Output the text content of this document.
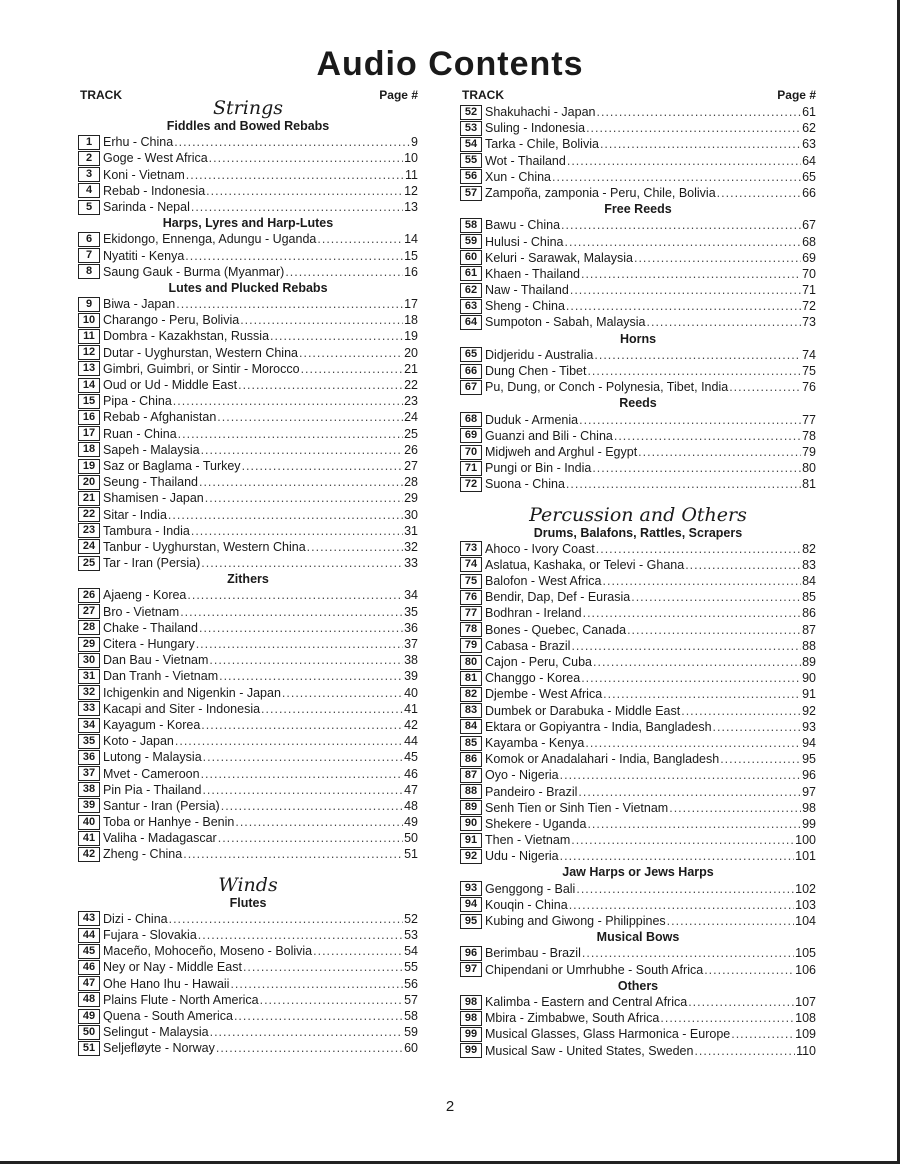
Audio Contents
TRACK	Page #
Strings
Fiddles and Bowed Rebabs
1 Erhu - China .....	9
2 Goge - West Africa .....	10
3 Koni - Vietnam .....	11
4 Rebab - Indonesia .....	12
5 Sarinda - Nepal .....	13
Harps, Lyres and Harp-Lutes
6 Ekidongo, Ennenga, Adungu - Uganda .....	14
7 Nyatiti - Kenya .....	15
8 Saung Gauk - Burma (Myanmar) .....	16
Lutes and Plucked Rebabs
9 Biwa - Japan .....	17
10 Charango - Peru, Bolivia .....	18
11 Dombra - Kazakhstan, Russia .....	19
12 Dutar - Uyghurstan, Western China .....	20
13 Gimbri, Guimbri, or Sintir - Morocco .....	21
14 Oud or Ud - Middle East .....	22
15 Pipa - China .....	23
16 Rebab - Afghanistan .....	24
17 Ruan - China .....	25
18 Sapeh - Malaysia .....	26
19 Saz or Baglama - Turkey .....	27
20 Seung - Thailand .....	28
21 Shamisen - Japan .....	29
22 Sitar - India .....	30
23 Tambura - India .....	31
24 Tanbur - Uyghurstan, Western China .....	32
25 Tar - Iran (Persia) .....	33
Zithers
26 Ajaeng - Korea .....	34
27 Bro - Vietnam .....	35
28 Chake - Thailand .....	36
29 Citera - Hungary .....	37
30 Dan Bau - Vietnam .....	38
31 Dan Tranh - Vietnam .....	39
32 Ichigenkin and Nigenkin - Japan .....	40
33 Kacapi and Siter - Indonesia .....	41
34 Kayagum - Korea .....	42
35 Koto - Japan .....	44
36 Lutong - Malaysia .....	45
37 Mvet - Cameroon .....	46
38 Pin Pia - Thailand .....	47
39 Santur - Iran (Persia) .....	48
40 Toba or Hanhye - Benin .....	49
41 Valiha - Madagascar .....	50
42 Zheng - China .....	51
Winds
Flutes
43 Dizi - China .....	52
44 Fujara - Slovakia .....	53
45 Maceño, Mohoceño, Moseno - Bolivia .....	54
46 Ney or Nay - Middle East .....	55
47 Ohe Hano Ihu - Hawaii .....	56
48 Plains Flute - North America .....	57
49 Quena - South America .....	58
50 Selingut - Malaysia .....	59
51 Seljefløyte - Norway .....	60
TRACK	Page #
52 Shakuhachi - Japan .....	61
53 Suling - Indonesia .....	62
54 Tarka - Chile, Bolivia .....	63
55 Wot - Thailand .....	64
56 Xun - China .....	65
57 Zampoña, zamponia - Peru, Chile, Bolivia .....	66
Free Reeds
58 Bawu - China .....	67
59 Hulusi - China .....	68
60 Keluri - Sarawak, Malaysia .....	69
61 Khaen - Thailand .....	70
62 Naw - Thailand .....	71
63 Sheng - China .....	72
64 Sumpoton - Sabah, Malaysia .....	73
Horns
65 Didjeridu - Australia .....	74
66 Dung Chen - Tibet .....	75
67 Pu, Dung, or Conch - Polynesia, Tibet, India .....	76
Reeds
68 Duduk - Armenia .....	77
69 Guanzi and Bili - China .....	78
70 Midjweh and Arghul - Egypt .....	79
71 Pungi or Bin - India .....	80
72 Suona - China .....	81
Percussion and Others
Drums, Balafons, Rattles, Scrapers
73 Ahoco - Ivory Coast .....	82
74 Aslatua, Kashaka, or Televi - Ghana .....	83
75 Balofon - West Africa .....	84
76 Bendir, Dap, Def - Eurasia .....	85
77 Bodhran - Ireland .....	86
78 Bones - Quebec, Canada .....	87
79 Cabasa - Brazil .....	88
80 Cajon - Peru, Cuba .....	89
81 Changgo - Korea .....	90
82 Djembe - West Africa .....	91
83 Dumbek or Darabuka - Middle East .....	92
84 Ektara or Gopiyantra - India, Bangladesh .....	93
85 Kayamba - Kenya .....	94
86 Komok or Anadalahari - India, Bangladesh .....	95
87 Oyo - Nigeria .....	96
88 Pandeiro - Brazil .....	97
89 Senh Tien or Sinh Tien - Vietnam .....	98
90 Shekere - Uganda .....	99
91 Then - Vietnam .....	100
92 Udu - Nigeria .....	101
Jaw Harps or Jews Harps
93 Genggong - Bali .....	102
94 Kouqin - China .....	103
95 Kubing and Giwong - Philippines .....	104
Musical Bows
96 Berimbau - Brazil .....	105
97 Chipendani or Umrhubhe - South Africa .....	106
Others
98 Kalimba - Eastern and Central Africa .....	107
98 Mbira - Zimbabwe, South Africa .....	108
99 Musical Glasses, Glass Harmonica - Europe .....	109
99 Musical Saw - United States, Sweden .....	110
2
